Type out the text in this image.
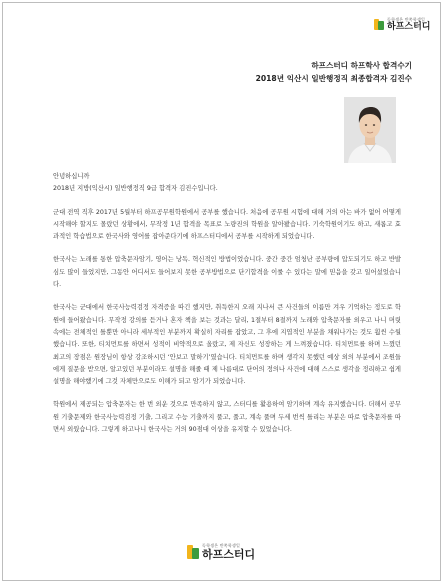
독학생은 반쪽학생일
하프스터디
하프스터디 하프학사 합격수기
2018년 익산시 일반행정직 최종합격자 김진수

안녕하십니까

2018년 지방(익산시) 일반행정직 9급 합격자 김진수입니다.

군대 전역 직후 2017년 5월부터 하프공무원학원에서 공부를 했습니다. 처음에 공무원 시험에 대해 거의 아는 바가 없어 어떻게 시작해야 할지도 몰랐던 상황에서, 무작정 1년 합격을 목표로 노량진의 학원을 알아봤습니다. 기숙학원이기도 하고, 새롭고 효과적인 학습법으로 한국사와 영어를 잡아준다기에 하프스터디에서 공부를 시작하게 되었습니다.

한국사는 노래를 통한 압축문자암기, 영어는 낭독. 혁신적인 방법이었습니다. 중간 중간 엄청난 공부량에 압도되기도 하고 반발심도 많이 들었지만, 그동안 어디서도 들어보지 못한 공부방법으로 단기합격을 이룰 수 있다는 말에 믿음을 갖고 일어섰었습니다.

한국사는 군대에서 한국사능력검정 자격증을 따긴 했지만, 취득한지 오래 지나서 큰 사건들의 이름만 겨우 기억하는 정도로 학원에 들어왔습니다. 무작정 강의를 듣거나 혼자 책을 보는 것과는 달리, 1절부터 8절까지 노래와 압축문자를 외우고 나니 머릿속에는 전체적인 틀뿐만 아니라 세부적인 부분까지 확실히 자리를 잡았고, 그 후에 지엽적인 부분을 채워나가는 것도 훨씬 수월했습니다. 또한, 티치먼트를 하면서 성적이 비약적으로 올랐고, 제 자신도 성장하는 게 느껴졌습니다. 티치먼트를 하며 느꼈던 최고의 장점은 원장님이 항상 강조하시던 ‘안보고 말하기’였습니다. 티치먼트를 하며 생각지 못했던 예상 외의 부분에서 조원들에게 질문을 받으면, 알고있던 부분이라도 설명을 해줄 때 제 나름대로 단어의 정의나 사건에 대해 스스로 생각을 정리하고 쉽게 설명을 해야했기에 그것 자체만으로도 이해가 되고 암기가 되었습니다.

학원에서 제공되는 압축문자는 한 번 외운 것으로 만족하지 않고, 스터디를 활용하여 암기하며 계속 유지했습니다. 더해서 공무원 기출문제와 한국사능력검정 기출, 그리고 수능 기출까지 풀고, 풀고, 계속 풀며 두세 번씩 틀리는 부분은 따로 압축문자를 따면서 외웠습니다. 그렇게 하고나니 한국사는 거의 90점대 이상을 유지할 수 있었습니다.

독학생은 반쪽학생일
하프스터디
